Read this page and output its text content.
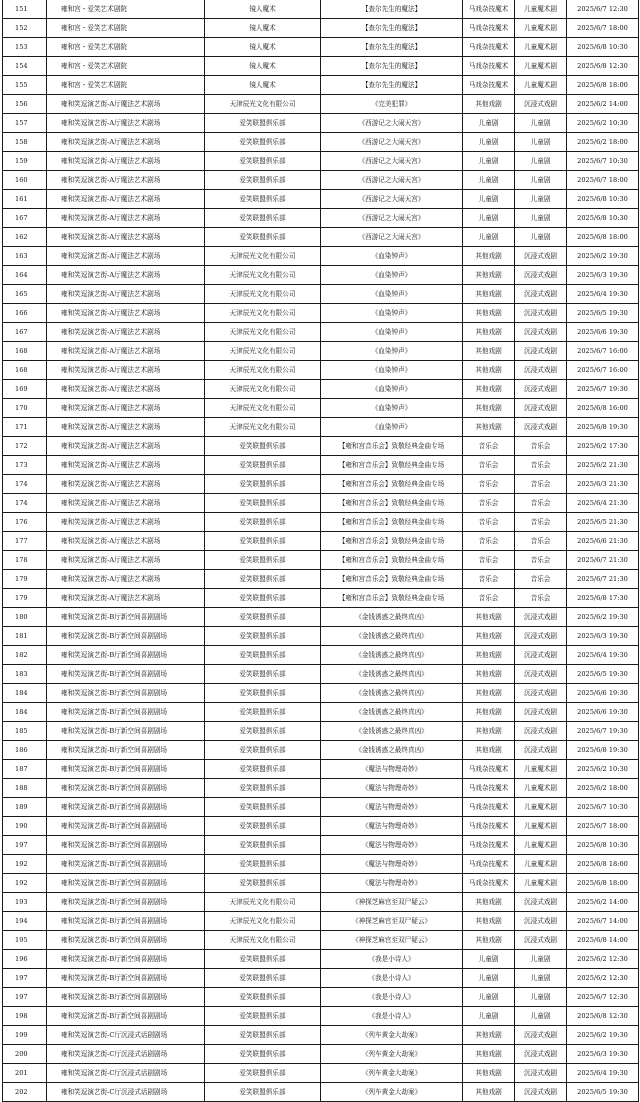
151	雍和宫・爱笑艺术剧院	镜人魔术	【查尔先生的魔法】	马戏杂技魔术	儿童魔术剧	2025/6/7 12:30
152	雍和宫・爱笑艺术剧院	镜人魔术	【查尔先生的魔法】	马戏杂技魔术	儿童魔术剧	2025/6/7 18:00
153	雍和宫・爱笑艺术剧院	镜人魔术	【查尔先生的魔法】	马戏杂技魔术	儿童魔术剧	2025/6/8 10:30
154	雍和宫・爱笑艺术剧院	镜人魔术	【查尔先生的魔法】	马戏杂技魔术	儿童魔术剧	2025/6/8 12:30
155	雍和宫・爱笑艺术剧院	镜人魔术	【查尔先生的魔法】	马戏杂技魔术	儿童魔术剧	2025/6/8 18:00
156	雍和笑逗演艺街-A厅魔法艺术剧场	天津辰光文化有限公司	《完美犯罪》	其他戏剧	沉浸式戏剧	2025/6/2 14:00
157	雍和笑逗演艺街-A厅魔法艺术剧场	爱笑联盟俱乐部	《西游记之大闹天宫》	儿童剧	儿童剧	2025/6/2 10:30
158	雍和笑逗演艺街-A厅魔法艺术剧场	爱笑联盟俱乐部	《西游记之大闹天宫》	儿童剧	儿童剧	2025/6/2 18:00
159	雍和笑逗演艺街-A厅魔法艺术剧场	爱笑联盟俱乐部	《西游记之大闹天宫》	儿童剧	儿童剧	2025/6/7 10:30
160	雍和笑逗演艺街-A厅魔法艺术剧场	爱笑联盟俱乐部	《西游记之大闹天宫》	儿童剧	儿童剧	2025/6/7 18:00
161	雍和笑逗演艺街-A厅魔法艺术剧场	爱笑联盟俱乐部	《西游记之大闹天宫》	儿童剧	儿童剧	2025/6/8 10:30
167	雍和笑逗演艺街-A厅魔法艺术剧场	爱笑联盟俱乐部	《西游记之大闹天宫》	儿童剧	儿童剧	2025/6/8 10:30
162	雍和笑逗演艺街-A厅魔法艺术剧场	爱笑联盟俱乐部	《西游记之大闹天宫》	儿童剧	儿童剧	2025/6/8 18:00
163	雍和笑逗演艺街-A厅魔法艺术剧场	天津辰光文化有限公司	《血染钟声》	其他戏剧	沉浸式戏剧	2025/6/2 19:30
164	雍和笑逗演艺街-A厅魔法艺术剧场	天津辰光文化有限公司	《血染钟声》	其他戏剧	沉浸式戏剧	2025/6/3 19:30
165	雍和笑逗演艺街-A厅魔法艺术剧场	天津辰光文化有限公司	《血染钟声》	其他戏剧	沉浸式戏剧	2025/6/4 19:30
166	雍和笑逗演艺街-A厅魔法艺术剧场	天津辰光文化有限公司	《血染钟声》	其他戏剧	沉浸式戏剧	2025/6/5 19:30
167	雍和笑逗演艺街-A厅魔法艺术剧场	天津辰光文化有限公司	《血染钟声》	其他戏剧	沉浸式戏剧	2025/6/6 19:30
168	雍和笑逗演艺街-A厅魔法艺术剧场	天津辰光文化有限公司	《血染钟声》	其他戏剧	沉浸式戏剧	2025/6/7 16:00
168	雍和笑逗演艺街-A厅魔法艺术剧场	天津辰光文化有限公司	《血染钟声》	其他戏剧	沉浸式戏剧	2025/6/7 16:00
169	雍和笑逗演艺街-A厅魔法艺术剧场	天津辰光文化有限公司	《血染钟声》	其他戏剧	沉浸式戏剧	2025/6/7 19:30
170	雍和笑逗演艺街-A厅魔法艺术剧场	天津辰光文化有限公司	《血染钟声》	其他戏剧	沉浸式戏剧	2025/6/8 16:00
171	雍和笑逗演艺街-A厅魔法艺术剧场	天津辰光文化有限公司	《血染钟声》	其他戏剧	沉浸式戏剧	2025/6/8 19:30
172	雍和笑逗演艺街-A厅魔法艺术剧场	爱笑联盟俱乐部	【雍和宫音乐会】致敬经典金曲专场	音乐会	音乐会	2025/6/2 17:30
173	雍和笑逗演艺街-A厅魔法艺术剧场	爱笑联盟俱乐部	【雍和宫音乐会】致敬经典金曲专场	音乐会	音乐会	2025/6/2 21:30
174	雍和笑逗演艺街-A厅魔法艺术剧场	爱笑联盟俱乐部	【雍和宫音乐会】致敬经典金曲专场	音乐会	音乐会	2025/6/3 21:30
174	雍和笑逗演艺街-A厅魔法艺术剧场	爱笑联盟俱乐部	【雍和宫音乐会】致敬经典金曲专场	音乐会	音乐会	2025/6/4 21:30
176	雍和笑逗演艺街-A厅魔法艺术剧场	爱笑联盟俱乐部	【雍和宫音乐会】致敬经典金曲专场	音乐会	音乐会	2025/6/5 21:30
177	雍和笑逗演艺街-A厅魔法艺术剧场	爱笑联盟俱乐部	【雍和宫音乐会】致敬经典金曲专场	音乐会	音乐会	2025/6/6 21:30
178	雍和笑逗演艺街-A厅魔法艺术剧场	爱笑联盟俱乐部	【雍和宫音乐会】致敬经典金曲专场	音乐会	音乐会	2025/6/7 21:30
179	雍和笑逗演艺街-A厅魔法艺术剧场	爱笑联盟俱乐部	【雍和宫音乐会】致敬经典金曲专场	音乐会	音乐会	2025/6/7 21:30
179	雍和笑逗演艺街-A厅魔法艺术剧场	爱笑联盟俱乐部	【雍和宫音乐会】致敬经典金曲专场	音乐会	音乐会	2025/6/8 17:30
180	雍和笑逗演艺街-B厅新空间喜剧剧场	爱笑联盟俱乐部	《金钱诱惑之最终真凶》	其他戏剧	沉浸式戏剧	2025/6/2 19:30
181	雍和笑逗演艺街-B厅新空间喜剧剧场	爱笑联盟俱乐部	《金钱诱惑之最终真凶》	其他戏剧	沉浸式戏剧	2025/6/3 19:30
182	雍和笑逗演艺街-B厅新空间喜剧剧场	爱笑联盟俱乐部	《金钱诱惑之最终真凶》	其他戏剧	沉浸式戏剧	2025/6/4 19:30
183	雍和笑逗演艺街-B厅新空间喜剧剧场	爱笑联盟俱乐部	《金钱诱惑之最终真凶》	其他戏剧	沉浸式戏剧	2025/6/5 19:30
184	雍和笑逗演艺街-B厅新空间喜剧剧场	爱笑联盟俱乐部	《金钱诱惑之最终真凶》	其他戏剧	沉浸式戏剧	2025/6/6 19:30
184	雍和笑逗演艺街-B厅新空间喜剧剧场	爱笑联盟俱乐部	《金钱诱惑之最终真凶》	其他戏剧	沉浸式戏剧	2025/6/6 19:30
185	雍和笑逗演艺街-B厅新空间喜剧剧场	爱笑联盟俱乐部	《金钱诱惑之最终真凶》	其他戏剧	沉浸式戏剧	2025/6/7 19:30
186	雍和笑逗演艺街-B厅新空间喜剧剧场	爱笑联盟俱乐部	《金钱诱惑之最终真凶》	其他戏剧	沉浸式戏剧	2025/6/8 19:30
187	雍和笑逗演艺街-B厅新空间喜剧剧场	爱笑联盟俱乐部	《魔法与物理奇妙》	马戏杂技魔术	儿童魔术剧	2025/6/2 10:30
188	雍和笑逗演艺街-B厅新空间喜剧剧场	爱笑联盟俱乐部	《魔法与物理奇妙》	马戏杂技魔术	儿童魔术剧	2025/6/2 18:00
189	雍和笑逗演艺街-B厅新空间喜剧剧场	爱笑联盟俱乐部	《魔法与物理奇妙》	马戏杂技魔术	儿童魔术剧	2025/6/7 10:30
190	雍和笑逗演艺街-B厅新空间喜剧剧场	爱笑联盟俱乐部	《魔法与物理奇妙》	马戏杂技魔术	儿童魔术剧	2025/6/7 18:00
197	雍和笑逗演艺街-B厅新空间喜剧剧场	爱笑联盟俱乐部	《魔法与物理奇妙》	马戏杂技魔术	儿童魔术剧	2025/6/8 10:30
192	雍和笑逗演艺街-B厅新空间喜剧剧场	爱笑联盟俱乐部	《魔法与物理奇妙》	马戏杂技魔术	儿童魔术剧	2025/6/8 18:00
192	雍和笑逗演艺街-B厅新空间喜剧剧场	爱笑联盟俱乐部	《魔法与物理奇妙》	马戏杂技魔术	儿童魔术剧	2025/6/8 18:00
193	雍和笑逗演艺街-B厅新空间喜剧剧场	天津辰光文化有限公司	《神探芝麻官至双尸疑云》	其他戏剧	沉浸式戏剧	2025/6/2 14:00
194	雍和笑逗演艺街-B厅新空间喜剧剧场	天津辰光文化有限公司	《神探芝麻官至双尸疑云》	其他戏剧	沉浸式戏剧	2025/6/7 14:00
195	雍和笑逗演艺街-B厅新空间喜剧剧场	天津辰光文化有限公司	《神探芝麻官至双尸疑云》	其他戏剧	沉浸式戏剧	2025/6/8 14:00
196	雍和笑逗演艺街-B厅新空间喜剧剧场	爱笑联盟俱乐部	《我是小诗人》	儿童剧	儿童剧	2025/6/2 12:30
197	雍和笑逗演艺街-B厅新空间喜剧剧场	爱笑联盟俱乐部	《我是小诗人》	儿童剧	儿童剧	2025/6/2 12:30
197	雍和笑逗演艺街-B厅新空间喜剧剧场	爱笑联盟俱乐部	《我是小诗人》	儿童剧	儿童剧	2025/6/7 12:30
198	雍和笑逗演艺街-B厅新空间喜剧剧场	爱笑联盟俱乐部	《我是小诗人》	儿童剧	儿童剧	2025/6/8 12:30
199	雍和笑逗演艺街-C厅沉浸式话剧剧场	爱笑联盟俱乐部	《列车黄金大劫案》	其他戏剧	沉浸式戏剧	2025/6/2 19:30
200	雍和笑逗演艺街-C厅沉浸式话剧剧场	爱笑联盟俱乐部	《列车黄金大劫案》	其他戏剧	沉浸式戏剧	2025/6/3 19:30
201	雍和笑逗演艺街-C厅沉浸式话剧剧场	爱笑联盟俱乐部	《列车黄金大劫案》	其他戏剧	沉浸式戏剧	2025/6/4 19:30
202	雍和笑逗演艺街-C厅沉浸式话剧剧场	爱笑联盟俱乐部	《列车黄金大劫案》	其他戏剧	沉浸式戏剧	2025/6/5 19:30
